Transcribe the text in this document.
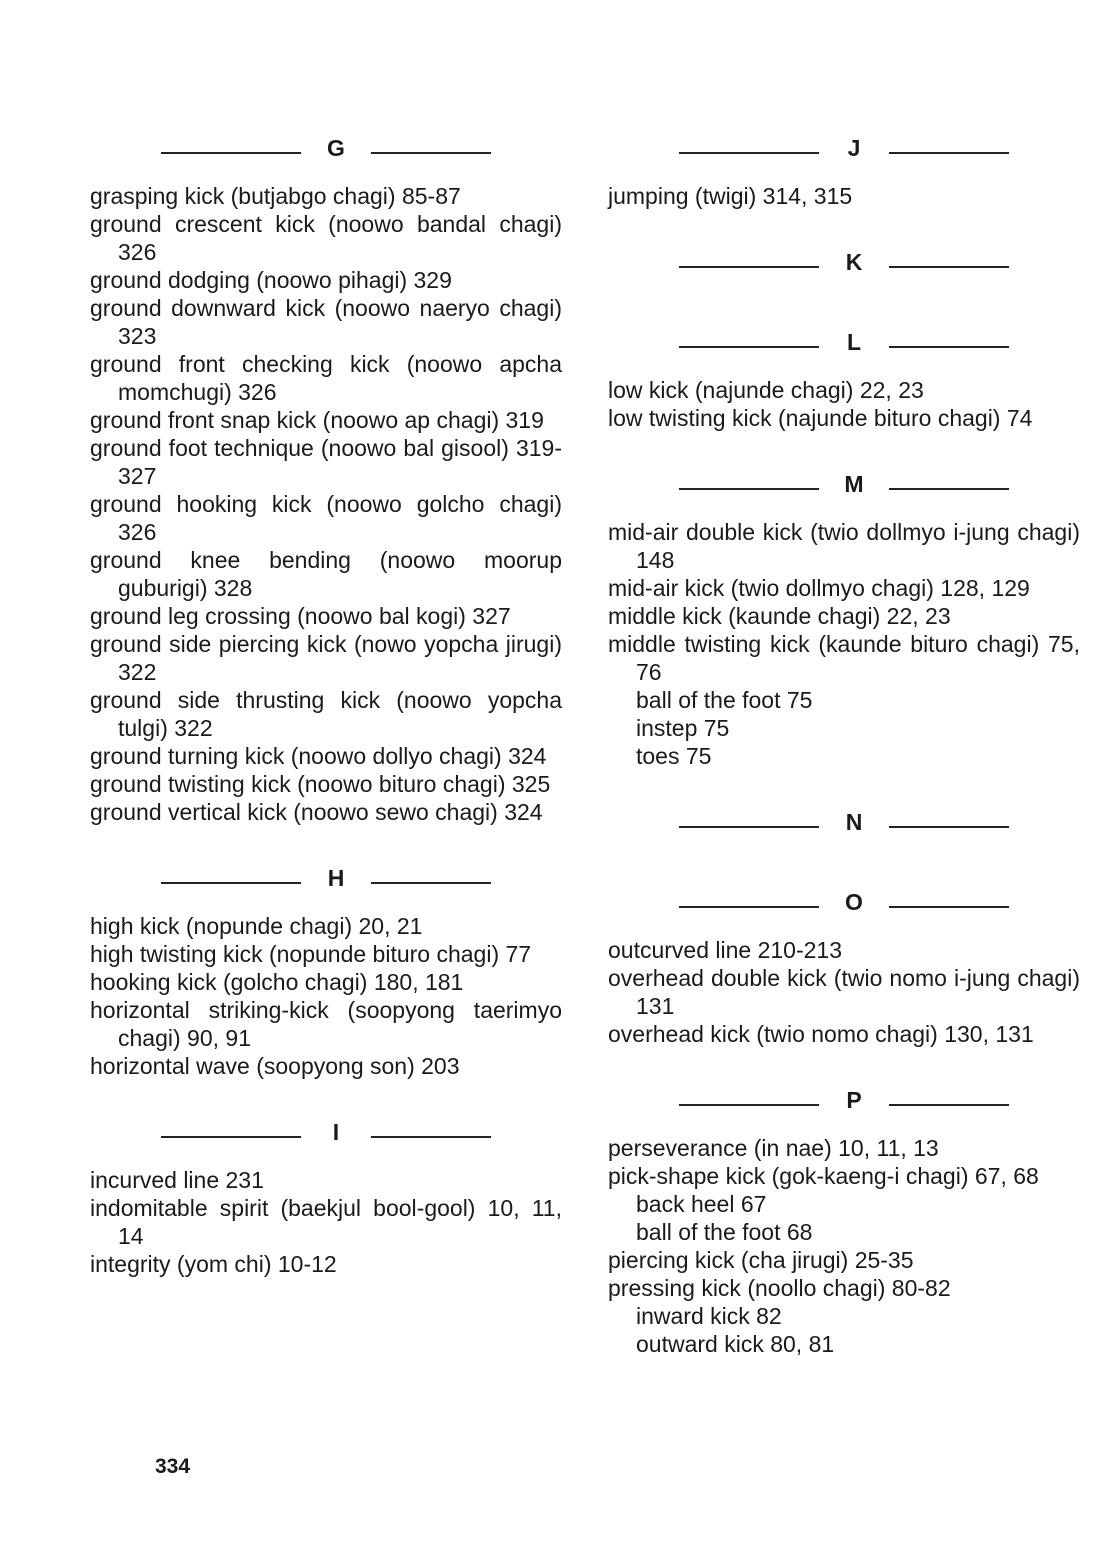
G
grasping kick (butjabgo chagi) 85-87
ground crescent kick (noowo bandal chagi) 326
ground dodging (noowo pihagi) 329
ground downward kick (noowo naeryo chagi) 323
ground front checking kick (noowo apcha momchugi) 326
ground front snap kick (noowo ap chagi) 319
ground foot technique (noowo bal gisool) 319-327
ground hooking kick (noowo golcho chagi) 326
ground knee bending (noowo moorup guburigi) 328
ground leg crossing (noowo bal kogi) 327
ground side piercing kick (nowo yopcha jirugi) 322
ground side thrusting kick (noowo yopcha tulgi) 322
ground turning kick (noowo dollyo chagi) 324
ground twisting kick (noowo bituro chagi) 325
ground vertical kick (noowo sewo chagi) 324
H
high kick (nopunde chagi) 20, 21
high twisting kick (nopunde bituro chagi) 77
hooking kick (golcho chagi) 180, 181
horizontal striking-kick (soopyong taerimyo chagi) 90, 91
horizontal wave (soopyong son) 203
I
incurved line 231
indomitable spirit (baekjul bool-gool) 10, 11, 14
integrity (yom chi) 10-12
J
jumping (twigi) 314, 315
K
L
low kick (najunde chagi) 22, 23
low twisting kick (najunde bituro chagi) 74
M
mid-air double kick (twio dollmyo i-jung chagi) 148
mid-air kick (twio dollmyo chagi) 128, 129
middle kick (kaunde chagi) 22, 23
middle twisting kick (kaunde bituro chagi) 75, 76
ball of the foot 75
instep 75
toes 75
N
O
outcurved line 210-213
overhead double kick (twio nomo i-jung chagi) 131
overhead kick (twio nomo chagi) 130, 131
P
perseverance (in nae) 10, 11, 13
pick-shape kick (gok-kaeng-i chagi) 67, 68
back heel 67
ball of the foot 68
piercing kick (cha jirugi) 25-35
pressing kick (noollo chagi) 80-82
inward kick 82
outward kick 80, 81
334
